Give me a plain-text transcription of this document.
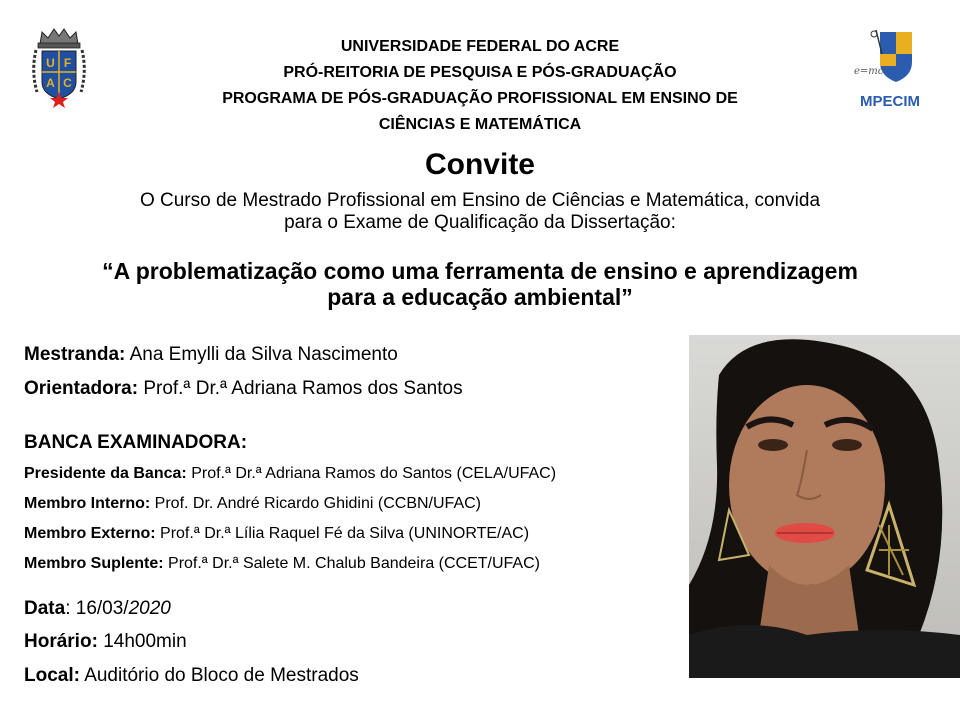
U F
A C
UNIVERSIDADE FEDERAL DO ACRE
PRÓ-REITORIA DE PESQUISA E PÓS-GRADUAÇÃO
PROGRAMA DE PÓS-GRADUAÇÃO PROFISSIONAL EM ENSINO DE
CIÊNCIAS E MATEMÁTICA
e=mc²
MPECIM
Convite
O Curso de Mestrado Profissional em Ensino de Ciências e Matemática, convida
para o Exame de Qualificação da Dissertação:
“A problematização como uma ferramenta de ensino e aprendizagem
para a educação ambiental”
Mestranda: Ana Emylli da Silva Nascimento
Orientadora: Prof.ª Dr.ª Adriana Ramos dos Santos
BANCA EXAMINADORA:
Presidente da Banca: Prof.ª Dr.ª Adriana Ramos do Santos (CELA/UFAC)
Membro Interno: Prof. Dr. André Ricardo Ghidini (CCBN/UFAC)
Membro Externo: Prof.ª Dr.ª Lília Raquel Fé da Silva (UNINORTE/AC)
Membro Suplente: Prof.ª Dr.ª Salete M. Chalub Bandeira (CCET/UFAC)
Data: 16/03/2020
Horário: 14h00min
Local: Auditório do Bloco de Mestrados
